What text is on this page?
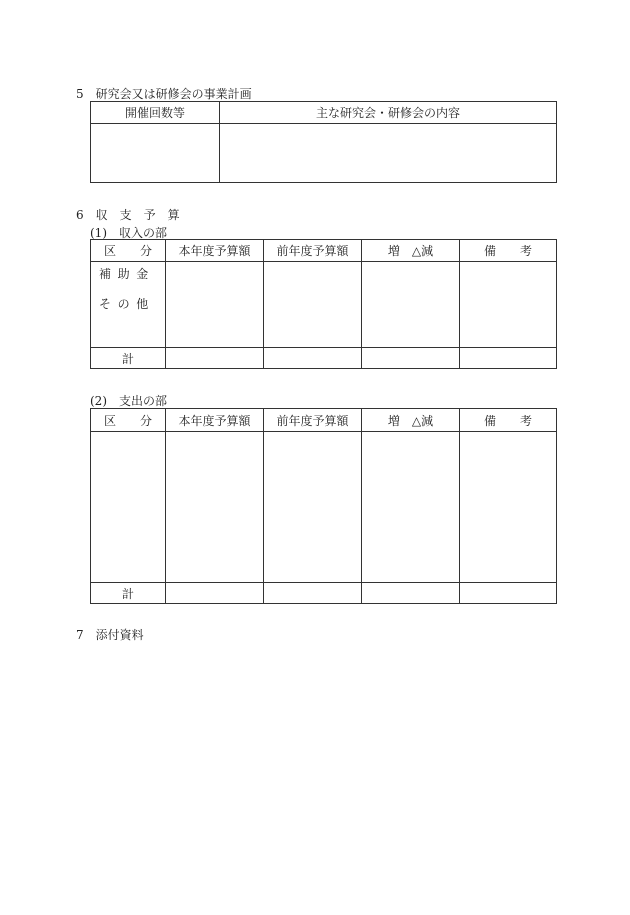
5　研究会又は研修会の事業計画
開催回数等	主な研究会・研修会の内容

6　収　支　予　算
(1)　収入の部
区　　分	本年度予算額	前年度予算額	増　△減	備　　考

補助金
その他				

計				
(2)　支出の部
区　　分	本年度予算額	前年度予算額	増　△減	備　　考

計				
7　添付資料
